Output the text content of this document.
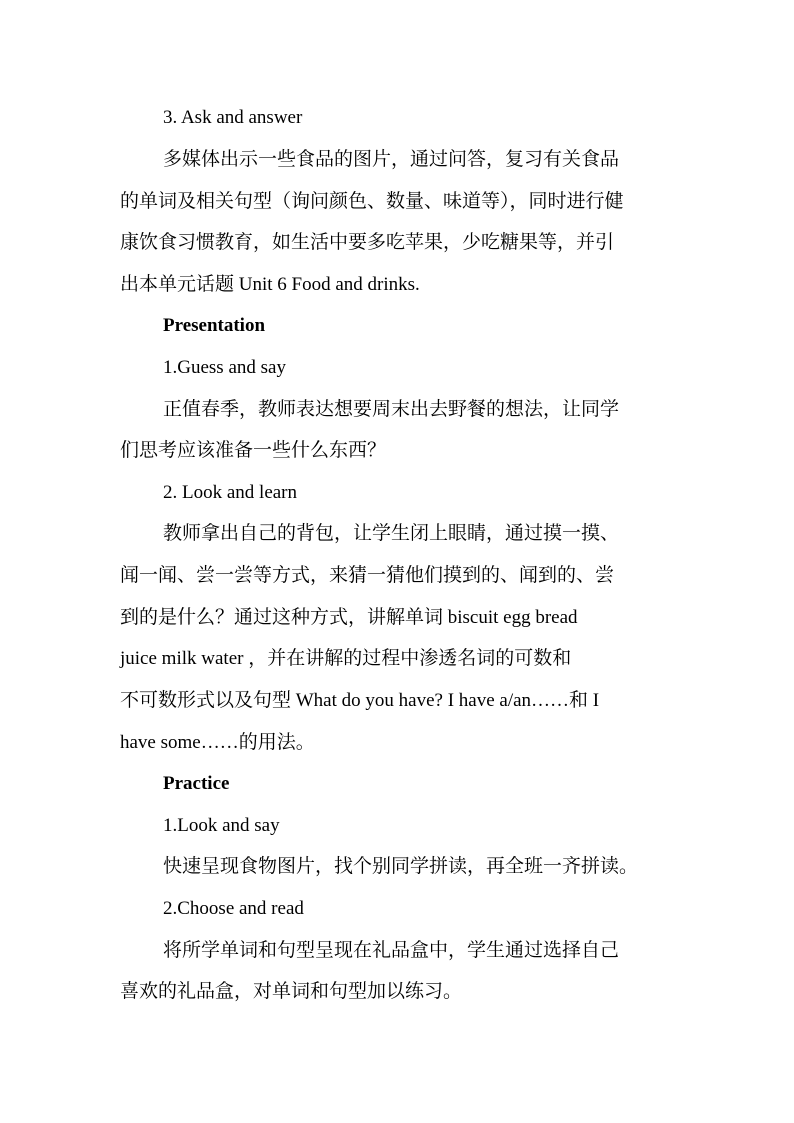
3. Ask and answer

多媒体出示一些食品的图片，通过问答，复习有关食品

的单词及相关句型（询问颜色、数量、味道等），同时进行健

康饮食习惯教育，如生活中要多吃苹果，少吃糖果等，并引

出本单元话题 Unit 6 Food and drinks.

Presentation

1.Guess and say

正值春季，教师表达想要周末出去野餐的想法，让同学

们思考应该准备一些什么东西？

2. Look and learn

教师拿出自己的背包，让学生闭上眼睛，通过摸一摸、

闻一闻、尝一尝等方式，来猜一猜他们摸到的、闻到的、尝

到的是什么？通过这种方式，讲解单词 biscuit egg bread

juice milk water ，并在讲解的过程中渗透名词的可数和

不可数形式以及句型 What do you have? I have a/an……和 I

have some……的用法。

Practice

1.Look and say

快速呈现食物图片，找个别同学拼读，再全班一齐拼读。

2.Choose and read

将所学单词和句型呈现在礼品盒中，学生通过选择自己

喜欢的礼品盒，对单词和句型加以练习。
